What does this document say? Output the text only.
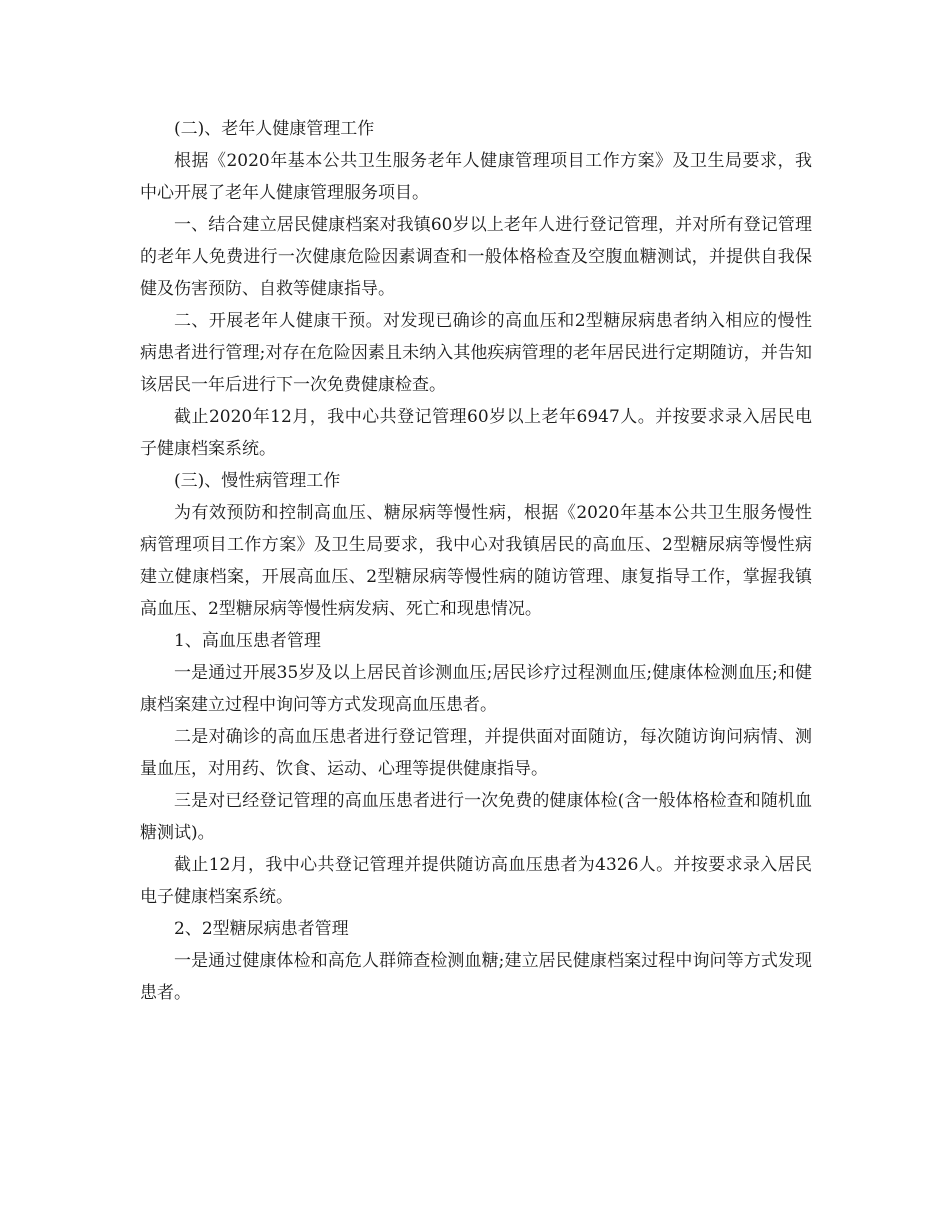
(二)、老年人健康管理工作

根据《2020年基本公共卫生服务老年人健康管理项目工作方案》及卫生局要求，我中心开展了老年人健康管理服务项目。

一、结合建立居民健康档案对我镇60岁以上老年人进行登记管理，并对所有登记管理的老年人免费进行一次健康危险因素调查和一般体格检查及空腹血糖测试，并提供自我保健及伤害预防、自救等健康指导。

二、开展老年人健康干预。对发现已确诊的高血压和2型糖尿病患者纳入相应的慢性病患者进行管理;对存在危险因素且未纳入其他疾病管理的老年居民进行定期随访，并告知该居民一年后进行下一次免费健康检查。

截止2020年12月，我中心共登记管理60岁以上老年6947人。并按要求录入居民电子健康档案系统。

(三)、慢性病管理工作

为有效预防和控制高血压、糖尿病等慢性病，根据《2020年基本公共卫生服务慢性病管理项目工作方案》及卫生局要求，我中心对我镇居民的高血压、2型糖尿病等慢性病建立健康档案，开展高血压、2型糖尿病等慢性病的随访管理、康复指导工作，掌握我镇高血压、2型糖尿病等慢性病发病、死亡和现患情况。

1、高血压患者管理

一是通过开展35岁及以上居民首诊测血压;居民诊疗过程测血压;健康体检测血压;和健康档案建立过程中询问等方式发现高血压患者。

二是对确诊的高血压患者进行登记管理，并提供面对面随访，每次随访询问病情、测量血压，对用药、饮食、运动、心理等提供健康指导。

三是对已经登记管理的高血压患者进行一次免费的健康体检(含一般体格检查和随机血糖测试)。

截止12月，我中心共登记管理并提供随访高血压患者为4326人。并按要求录入居民电子健康档案系统。

2、2型糖尿病患者管理

一是通过健康体检和高危人群筛查检测血糖;建立居民健康档案过程中询问等方式发现患者。
